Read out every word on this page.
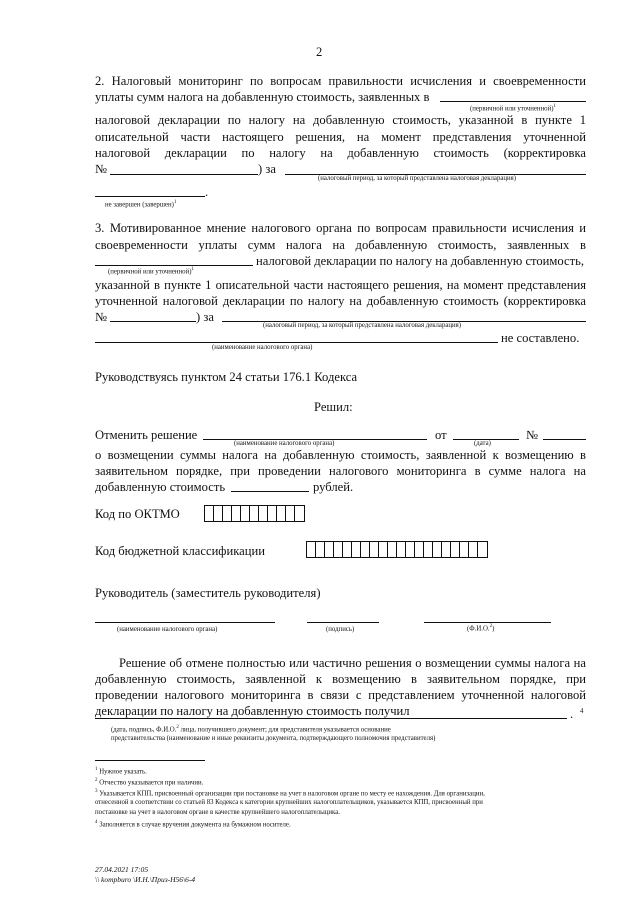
2
2. Налоговый мониторинг по вопросам правильности исчисления и своевременности
уплаты сумм налога на добавленную стоимость, заявленных в
(первичной или уточненной)$^1$
налоговой декларации по налогу на добавленную стоимость, указанной в пункте 1
описательной части настоящего решения, на момент представления уточненной
налоговой декларации по налогу на добавленную стоимость (корректировка
№	) за
(налоговый период, за который представлена налоговая декларация)
.
не завершен (завершен)$^1$
3. Мотивированное мнение налогового органа по вопросам правильности исчисления и
своевременности уплаты сумм налога на добавленную стоимость, заявленных в
налоговой декларации по налогу на добавленную стоимость,
(первичной или уточненной)$^1$
указанной в пункте 1 описательной части настоящего решения, на момент представления
уточненной налоговой декларации по налогу на добавленную стоимость (корректировка
№	) за
(налоговый период, за который представлена налоговая декларация)
не составлено.
(наименование налогового органа)
Руководствуясь пунктом 24 статьи 176.1 Кодекса
Решил:
Отменить решение	от	№
(наименование налогового органа)	(дата)
о возмещении суммы налога на добавленную стоимость, заявленной к возмещению в
заявительном порядке, при проведении налогового мониторинга в сумме налога на
добавленную стоимость	рублей.
Код по ОКТМО
Код бюджетной классификации
Руководитель (заместитель руководителя)
(наименование налогового органа)	(подпись)	(Ф.И.О.$^2$)
Решение об отмене полностью или частично решения о возмещении суммы налога на
добавленную стоимость, заявленной к возмещению в заявительном порядке, при
проведении налогового мониторинга в связи с представлением уточненной налоговой
декларации по налогу на добавленную стоимость получил	. 4
(дата, подпись, Ф.И.О.$^2$ лица, получившего документ; для представителя указывается основание
представительства (наименование и иные реквизиты документа, подтверждающего полномочия представителя)
$^1$ Нужное указать.
$^2$ Отчество указывается при наличии.
$^3$ Указывается КПП, присвоенный организации при постановке на учет в налоговом органе по месту ее нахождения. Для организации,
отнесенной в соответствии со статьей 83 Кодекса к категории крупнейших налогоплательщиков, указывается КПП, присвоенный при
постановке на учет в налоговом органе в качестве крупнейшего налогоплательщика.
$^4$ Заполняется в случае вручения документа на бумажном носителе.
27.04.2021 17:05
\\ kompburo \И.Н.\Приз-Н56\6-4
